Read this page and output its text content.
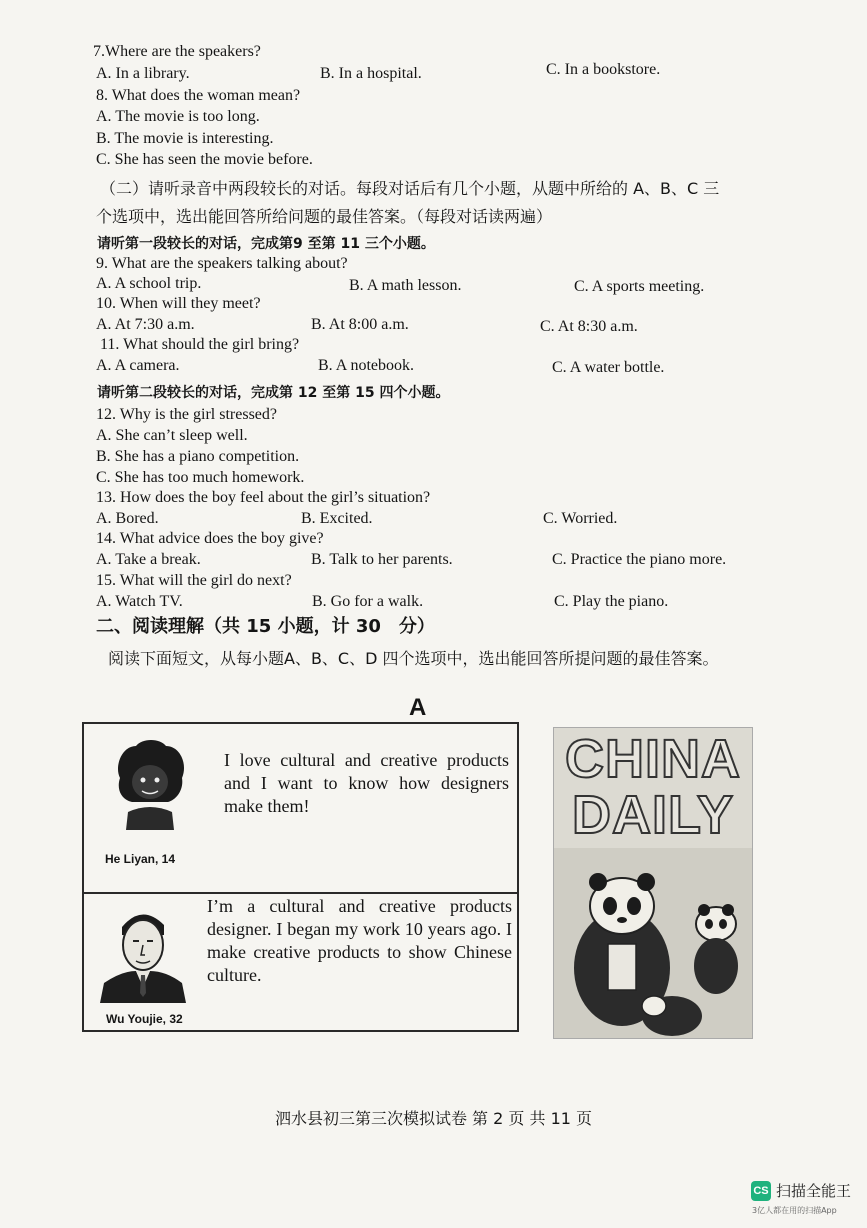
7.Where are the speakers?
A. In a library.	B. In a hospital.	C. In a bookstore.
8. What does the woman mean?
A. The movie is too long.
B. The movie is interesting.
C. She has seen the movie before.
（二）请听录音中两段较长的对话。每段对话后有几个小题，从题中所给的 A、B、C 三
个选项中，选出能回答所给问题的最佳答案。（每段对话读两遍）
请听第一段较长的对话，完成第9 至第 11 三个小题。
9. What are the speakers talking about?
A. A school trip.	B. A math lesson.	C. A sports meeting.
10. When will they meet?
A. At 7:30 a.m.	B. At 8:00 a.m.	C. At 8:30 a.m.
11. What should the girl bring?
A. A camera.	B. A notebook.	C. A water bottle.
请听第二段较长的对话，完成第 12 至第 15 四个小题。
12. Why is the girl stressed?
A. She can’t sleep well.
B. She has a piano competition.
C. She has too much homework.
13. How does the boy feel about the girl’s situation?
A. Bored.	B. Excited.	C. Worried.
14. What advice does the boy give?
A. Take a break.	B. Talk to her parents.	C. Practice the piano more.
15. What will the girl do next?
A. Watch TV.	B. Go for a walk.	C. Play the piano.
二、阅读理解（共 15 小题，计 30　分）
阅读下面短文，从每小题A、B、C、D 四个选项中，选出能回答所提问题的最佳答案。
A
He Liyan, 14
I love cultural and creative products and I want to know how designers make them!
Wu Youjie, 32
I’m a cultural and creative products designer. I began my work 10 years ago. I make creative products to show Chinese culture.
CHINA
DAILY
泗水县初三第三次模拟试卷 第 2 页 共 11 页
CS 扫描全能王
3亿人都在用的扫描App
